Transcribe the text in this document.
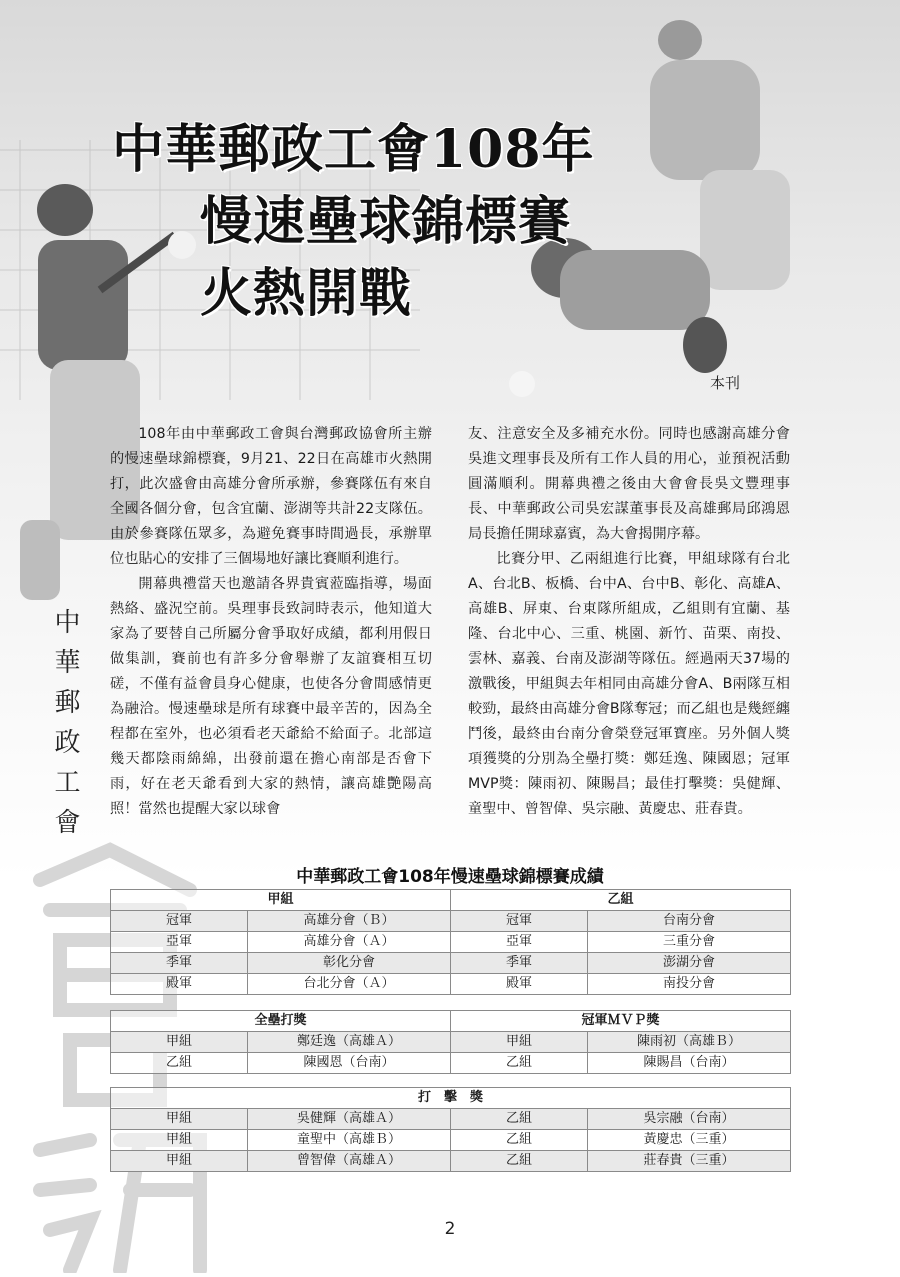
中華郵政工會108年
慢速壘球錦標賽
火熱開戰
本刊
中華郵政工會

108年由中華郵政工會與台灣郵政協會所主辦的慢速壘球錦標賽，9月21、22日在高雄市火熱開打，此次盛會由高雄分會所承辦，參賽隊伍有來自全國各個分會，包含宜蘭、澎湖等共計22支隊伍。由於參賽隊伍眾多，為避免賽事時間過長，承辦單位也貼心的安排了三個場地好讓比賽順利進行。

開幕典禮當天也邀請各界貴賓蒞臨指導，場面熱絡、盛況空前。吳理事長致詞時表示，他知道大家為了要替自己所屬分會爭取好成績，都利用假日做集訓，賽前也有許多分會舉辦了友誼賽相互切磋，不僅有益會員身心健康，也使各分會間感情更為融洽。慢速壘球是所有球賽中最辛苦的，因為全程都在室外，也必須看老天爺給不給面子。北部這幾天都陰雨綿綿，出發前還在擔心南部是否會下雨，好在老天爺看到大家的熱情，讓高雄艷陽高照！當然也提醒大家以球會

友、注意安全及多補充水份。同時也感謝高雄分會吳進文理事長及所有工作人員的用心，並預祝活動圓滿順利。開幕典禮之後由大會會長吳文豐理事長、中華郵政公司吳宏謀董事長及高雄郵局邱鴻恩局長擔任開球嘉賓，為大會揭開序幕。

比賽分甲、乙兩組進行比賽，甲組球隊有台北A、台北B、板橋、台中A、台中B、彰化、高雄A、高雄B、屏東、台東隊所組成，乙組則有宜蘭、基隆、台北中心、三重、桃園、新竹、苗栗、南投、雲林、嘉義、台南及澎湖等隊伍。經過兩天37場的激戰後，甲組與去年相同由高雄分會A、B兩隊互相較勁，最終由高雄分會B隊奪冠；而乙組也是幾經纏鬥後，最終由台南分會榮登冠軍寶座。另外個人獎項獲獎的分別為全壘打獎：鄭廷逸、陳國恩；冠軍MVP獎：陳雨初、陳賜昌；最佳打擊獎：吳健輝、童聖中、曾智偉、吳宗融、黃慶忠、莊春貴。

中華郵政工會108年慢速壘球錦標賽成績
甲組		乙組	
冠軍	高雄分會（Ｂ）	冠軍	台南分會
亞軍	高雄分會（Ａ）	亞軍	三重分會
季軍	彰化分會	季軍	澎湖分會
殿軍	台北分會（Ａ）	殿軍	南投分會
全壘打獎		冠軍ＭＶＰ獎	
甲組	鄭廷逸（高雄Ａ）	甲組	陳雨初（高雄Ｂ）
乙組	陳國恩（台南）	乙組	陳賜昌（台南）
打　擊　獎			
甲組	吳健輝（高雄Ａ）	乙組	吳宗融（台南）
甲組	童聖中（高雄Ｂ）	乙組	黃慶忠（三重）
甲組	曾智偉（高雄Ａ）	乙組	莊春貴（三重）
2
